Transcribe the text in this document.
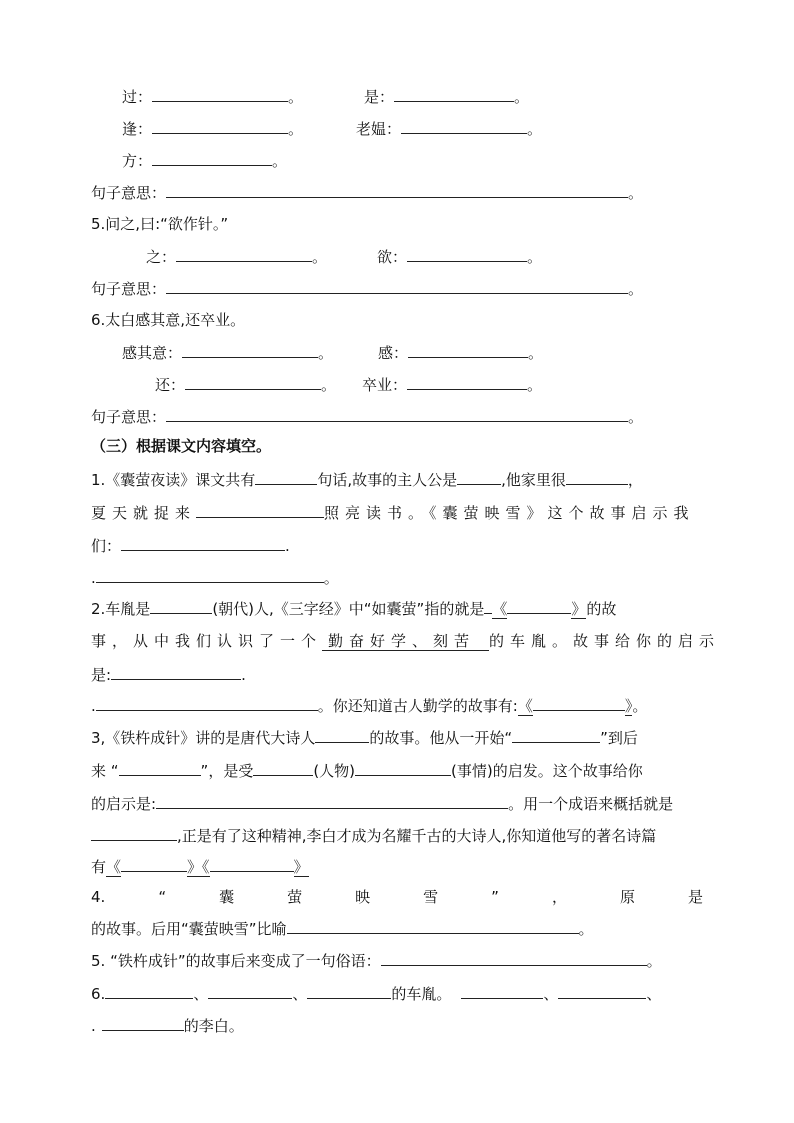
过：	。	是：	。
逢：	。	老媪：	。
方：	。
句子意思：	。
5.问之,曰:“欲作针。”
之：	。	欲：	。
句子意思：	。
6.太白感其意,还卒业。
感其意：	。	感：	。
还：	。 卒业：	。
句子意思：	。
（三）根据课文内容填空。
1.《囊萤夜读》课文共有	句话,故事的主人公是	,他家里很	，
夏天就捉来	照亮读书。《囊萤映雪》这个故事启示我
们：	.
.	。
2.车胤是	(朝代)人,《三字经》中“如囊萤”指的就是 《	》的故
事，从中我们认识了一个 勤奋好学、刻苦 的车胤。故事给你的启示
是:	.
.	。你还知道古人勤学的故事有:《	》。
3,《铁杵成针》讲的是唐代大诗人	的故事。他从一开始“	”到后
来 “	”，是受	(人物)	(事情)的启发。这个故事给你
的启示是:	。用一个成语来概括就是
,正是有了这种精神,李白才成为名耀千古的大诗人,你知道他写的著名诗篇
有《	》《	》
4.	“	囊	萤	映	雪	”	，	原	是
的故事。后用“囊萤映雪”比喻	。
5. “铁杵成针”的故事后来变成了一句俗语：	。
6.	、	、	的车胤。	、	、
.	的李白。
